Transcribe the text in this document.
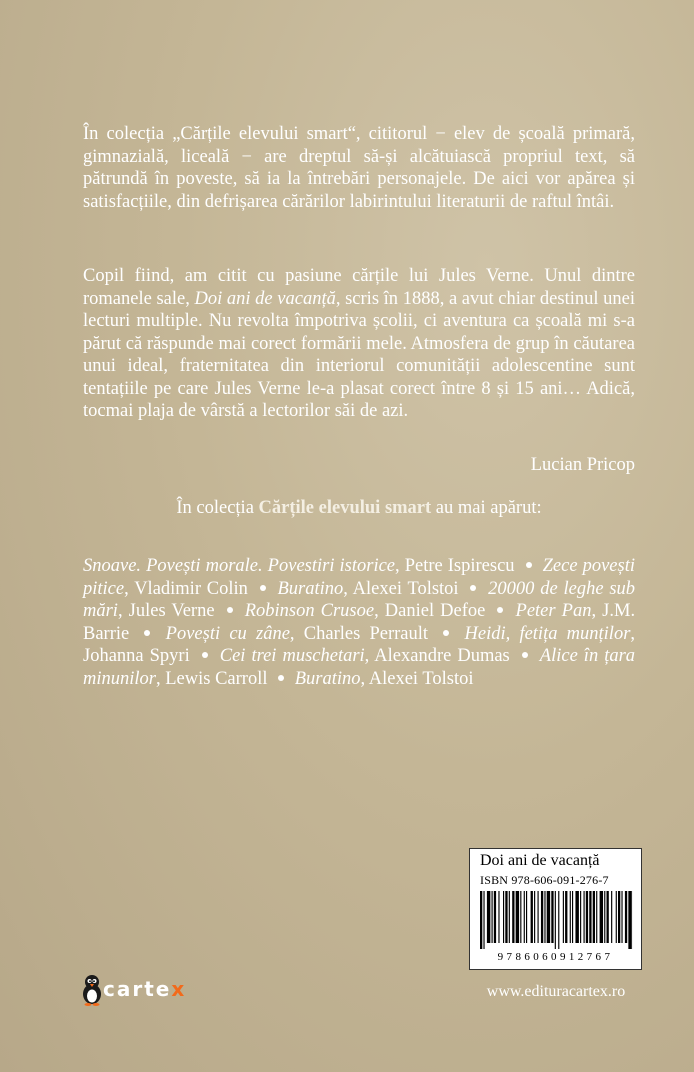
În colecția „Cărțile elevului smart“, cititorul − elev de școală primară, gimnazială, liceală − are dreptul să-și alcătuiască propriul text, să pătrundă în poveste, să ia la întrebări personajele. De aici vor apărea și satisfacțiile, din defrișarea cărărilor labirintului literaturii de raftul întâi.

Copil fiind, am citit cu pasiune cărțile lui Jules Verne. Unul dintre romanele sale, Doi ani de vacanță, scris în 1888, a avut chiar destinul unei lecturi multiple. Nu revolta împotriva școlii, ci aventura ca școală mi s-a părut că răspunde mai corect formării mele. Atmosfera de grup în căutarea unui ideal, fraternitatea din interiorul comunității adolescentine sunt tentațiile pe care Jules Verne le-a plasat corect între 8 și 15 ani… Adică, tocmai plaja de vârstă a lectorilor săi de azi.

Lucian Pricop
În colecția Cărțile elevului smart au mai apărut:
Snoave. Povești morale. Povestiri istorice, Petre Ispirescu Zece povești pitice, Vladimir Colin Buratino, Alexei Tolstoi 20000 de leghe sub mări, Jules Verne Robinson Crusoe, Daniel Defoe Peter Pan, J.M. Barrie Povești cu zâne, Charles Perrault Heidi, fetița munților, Johanna Spyri Cei trei muschetari, Alexandre Dumas Alice în țara minunilor, Lewis Carroll Buratino, Alexei Tolstoi
Doi ani de vacanță
ISBN 978-606-091-276-7
9786060912767
cartex	www.edituracartex.ro
